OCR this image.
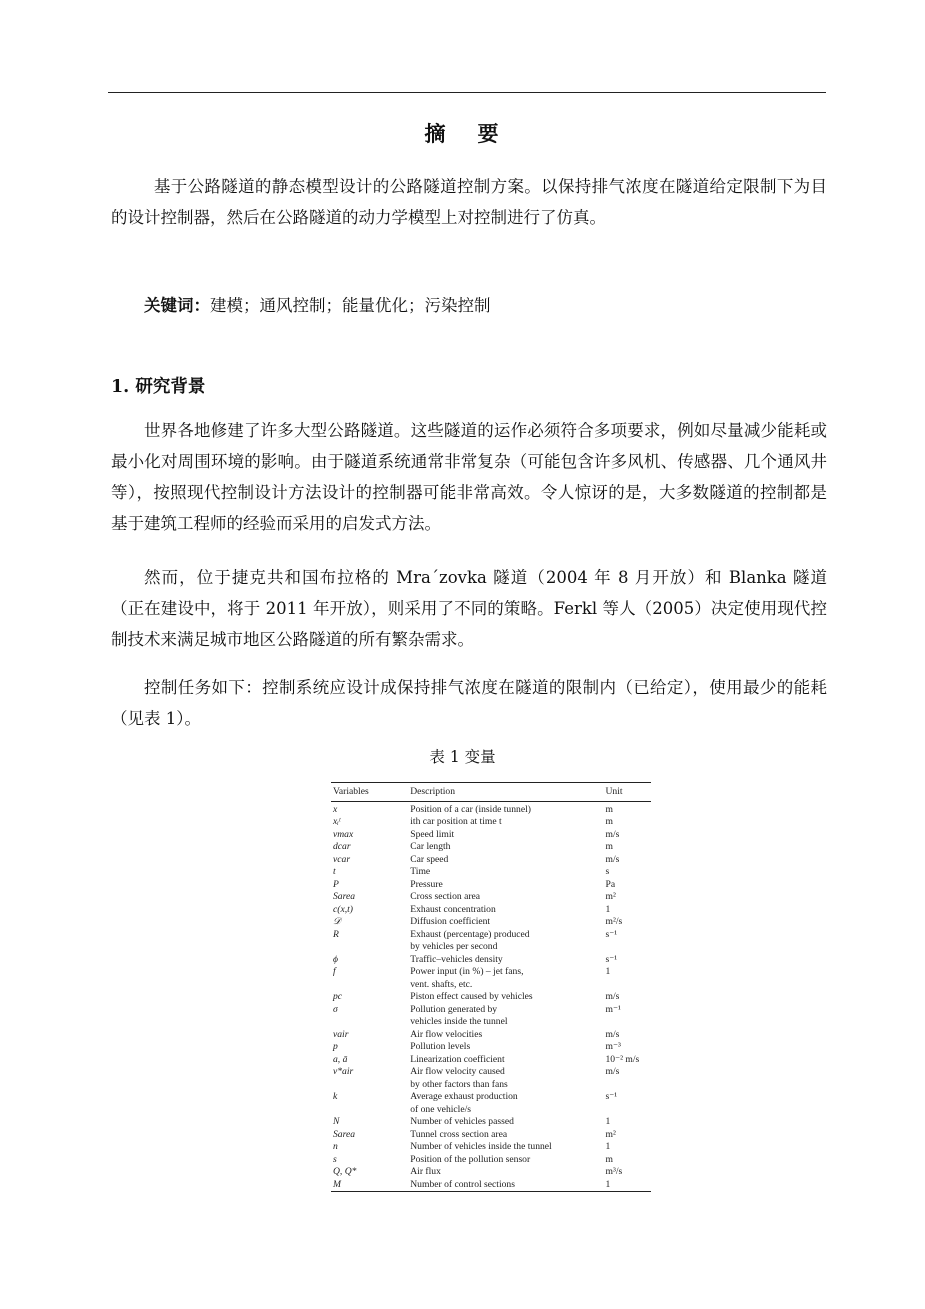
摘 要

基于公路隧道的静态模型设计的公路隧道控制方案。以保持排气浓度在隧道给定限制下为目的设计控制器，然后在公路隧道的动力学模型上对控制进行了仿真。

关键词：建模；通风控制；能量优化；污染控制
1. 研究背景

世界各地修建了许多大型公路隧道。这些隧道的运作必须符合多项要求，例如尽量减少能耗或最小化对周围环境的影响。由于隧道系统通常非常复杂（可能包含许多风机、传感器、几个通风井等），按照现代控制设计方法设计的控制器可能非常高效。令人惊讶的是，大多数隧道的控制都是基于建筑工程师的经验而采用的启发式方法。

然而，位于捷克共和国布拉格的 Mra´zovka 隧道（2004 年 8 月开放）和 Blanka 隧道（正在建设中，将于 2011 年开放），则采用了不同的策略。Ferkl 等人（2005）决定使用现代控制技术来满足城市地区公路隧道的所有繁杂需求。

控制任务如下：控制系统应设计成保持排气浓度在隧道的限制内（已给定），使用最少的能耗（见表 1）。

表 1 变量
Variables	Description	Unit
x	Position of a car (inside tunnel)	m
xᵢᵗ	ith car position at time t	m
vmax	Speed limit	m/s
dcar	Car length	m
vcar	Car speed	m/s
t	Time	s
P	Pressure	Pa
Sarea	Cross section area	m²
c(x,t)	Exhaust concentration	1
𝒟	Diffusion coefficient	m²/s
R	Exhaust (percentage) produced
by vehicles per second	s⁻¹
ϕ	Traffic–vehicles density	s⁻¹
f	Power input (in %) – jet fans,
vent. shafts, etc.	1
pc	Piston effect caused by vehicles	m/s
σ	Pollution generated by
vehicles inside the tunnel	m⁻¹
vair	Air flow velocities	m/s
p	Pollution levels	m⁻³
a, ā	Linearization coefficient	10⁻² m/s
v*air	Air flow velocity caused
by other factors than fans	m/s
k	Average exhaust production
of one vehicle/s	s⁻¹
N	Number of vehicles passed	1
Sarea	Tunnel cross section area	m²
n	Number of vehicles inside the tunnel	1
s	Position of the pollution sensor	m
Q, Q*	Air flux	m³/s
M	Number of control sections	1
